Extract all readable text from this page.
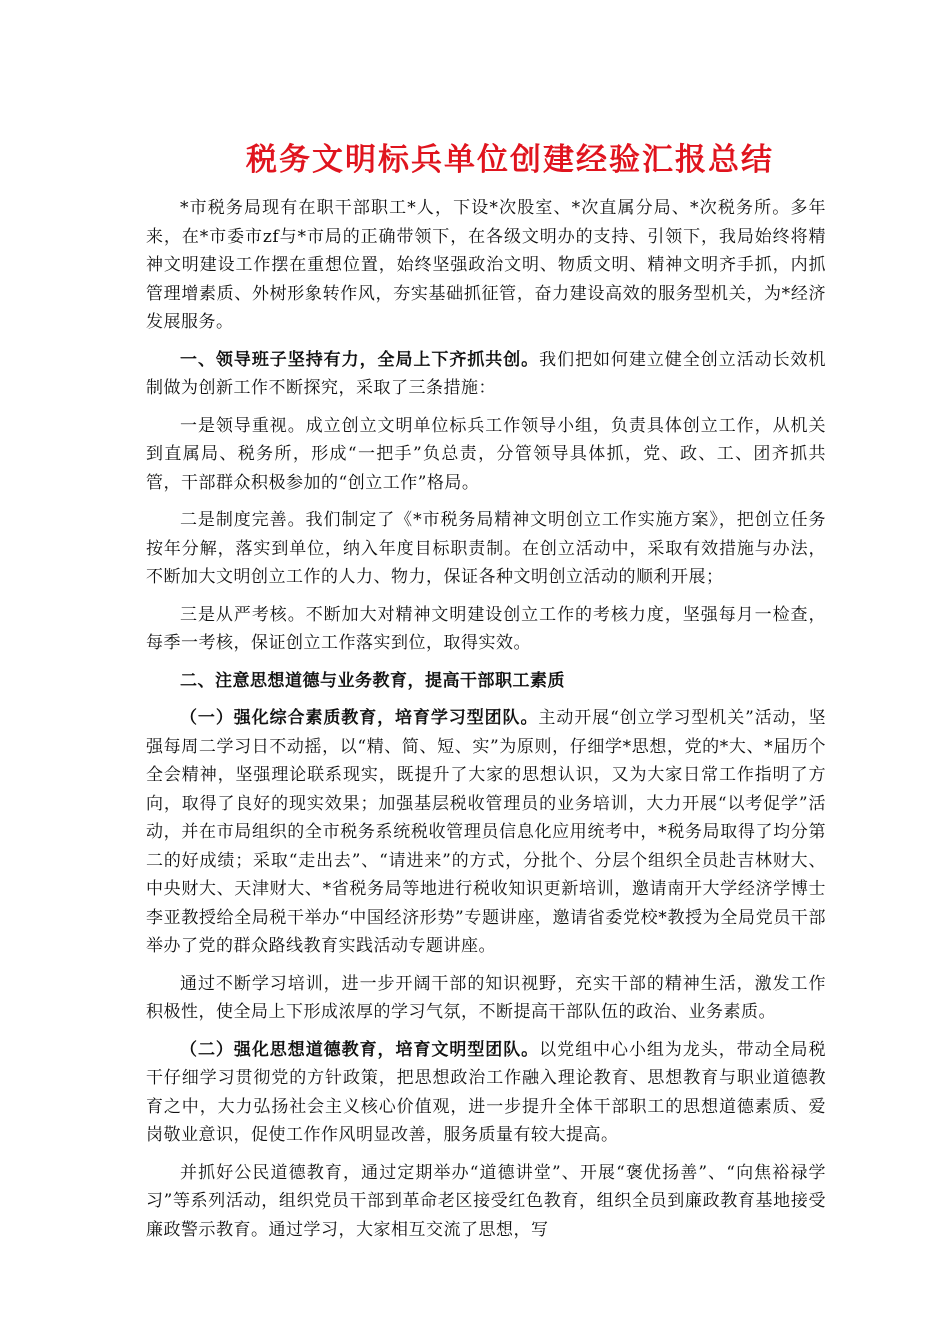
税务文明标兵单位创建经验汇报总结

*市税务局现有在职干部职工*人，下设*次股室、*次直属分局、*次税务所。多年来，在*市委市zf与*市局的正确带领下，在各级文明办的支持、引领下，我局始终将精神文明建设工作摆在重想位置，始终坚强政治文明、物质文明、精神文明齐手抓，内抓管理增素质、外树形象转作风，夯实基础抓征管，奋力建设高效的服务型机关，为*经济发展服务。

一、领导班子坚持有力，全局上下齐抓共创。我们把如何建立健全创立活动长效机制做为创新工作不断探究，采取了三条措施：

一是领导重视。成立创立文明单位标兵工作领导小组，负责具体创立工作，从机关到直属局、税务所，形成“一把手”负总责，分管领导具体抓，党、政、工、团齐抓共管，干部群众积极参加的“创立工作”格局。

二是制度完善。我们制定了《*市税务局精神文明创立工作实施方案》，把创立任务按年分解，落实到单位，纳入年度目标职责制。在创立活动中，采取有效措施与办法，不断加大文明创立工作的人力、物力，保证各种文明创立活动的顺利开展；

三是从严考核。不断加大对精神文明建设创立工作的考核力度，坚强每月一检查，每季一考核，保证创立工作落实到位，取得实效。

二、注意思想道德与业务教育，提高干部职工素质

（一）强化综合素质教育，培育学习型团队。主动开展“创立学习型机关”活动，坚强每周二学习日不动摇，以“精、简、短、实”为原则，仔细学*思想，党的*大、*届历个全会精神，坚强理论联系现实，既提升了大家的思想认识，又为大家日常工作指明了方向，取得了良好的现实效果；加强基层税收管理员的业务培训，大力开展“以考促学”活动，并在市局组织的全市税务系统税收管理员信息化应用统考中，*税务局取得了均分第二的好成绩；采取“走出去”、“请进来”的方式，分批个、分层个组织全员赴吉林财大、中央财大、天津财大、*省税务局等地进行税收知识更新培训，邀请南开大学经济学博士李亚教授给全局税干举办“中国经济形势”专题讲座，邀请省委党校*教授为全局党员干部举办了党的群众路线教育实践活动专题讲座。

通过不断学习培训，进一步开阔干部的知识视野，充实干部的精神生活，激发工作积极性，使全局上下形成浓厚的学习气氛，不断提高干部队伍的政治、业务素质。

（二）强化思想道德教育，培育文明型团队。以党组中心小组为龙头，带动全局税干仔细学习贯彻党的方针政策，把思想政治工作融入理论教育、思想教育与职业道德教育之中，大力弘扬社会主义核心价值观，进一步提升全体干部职工的思想道德素质、爱岗敬业意识，促使工作作风明显改善，服务质量有较大提高。

并抓好公民道德教育，通过定期举办“道德讲堂”、开展“褒优扬善”、“向焦裕禄学习”等系列活动，组织党员干部到革命老区接受红色教育，组织全员到廉政教育基地接受廉政警示教育。通过学习，大家相互交流了思想，写
